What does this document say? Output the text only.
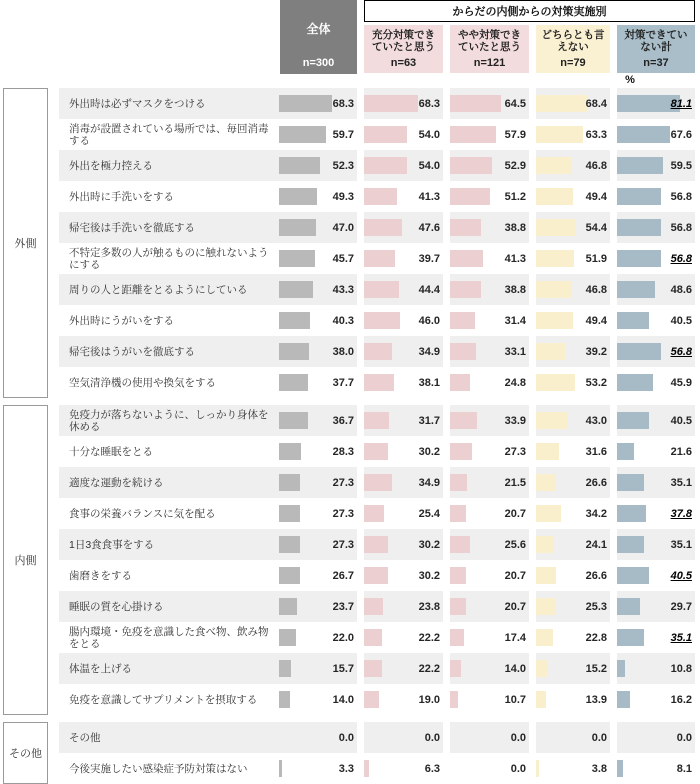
全体
n=300
からだの内側からの対策実施別
充分対策できていたと思う
n=63
やや対策できていたと思う
n=121
どちらとも言えない
n=79
対策できていない計
n=37
%
外出時は必ずマスクをつける	68.3	68.3	64.5	68.4	81.1
消毒が設置されている場所では、毎回消毒する	59.7	54.0	57.9	63.3	67.6
外出を極力控える	52.3	54.0	52.9	46.8	59.5
外出時に手洗いをする	49.3	41.3	51.2	49.4	56.8
帰宅後は手洗いを徹底する	47.0	47.6	38.8	54.4	56.8
不特定多数の人が触るものに触れないようにする	45.7	39.7	41.3	51.9	56.8
周りの人と距離をとるようにしている	43.3	44.4	38.8	46.8	48.6
外出時にうがいをする	40.3	46.0	31.4	49.4	40.5
帰宅後はうがいを徹底する	38.0	34.9	33.1	39.2	56.8
空気清浄機の使用や換気をする	37.7	38.1	24.8	53.2	45.9
免疫力が落ちないように、しっかり身体を休める	36.7	31.7	33.9	43.0	40.5
十分な睡眠をとる	28.3	30.2	27.3	31.6	21.6
適度な運動を続ける	27.3	34.9	21.5	26.6	35.1
食事の栄養バランスに気を配る	27.3	25.4	20.7	34.2	37.8
1日3食食事をする	27.3	30.2	25.6	24.1	35.1
歯磨きをする	26.7	30.2	20.7	26.6	40.5
睡眠の質を心掛ける	23.7	23.8	20.7	25.3	29.7
腸内環境・免疫を意識した食べ物、飲み物をとる	22.0	22.2	17.4	22.8	35.1
体温を上げる	15.7	22.2	14.0	15.2	10.8
免疫を意識してサプリメントを摂取する	14.0	19.0	10.7	13.9	16.2
その他	0.0	0.0	0.0	0.0	0.0
今後実施したい感染症予防対策はない	3.3	6.3	0.0	3.8	8.1
外側
内側
その他
